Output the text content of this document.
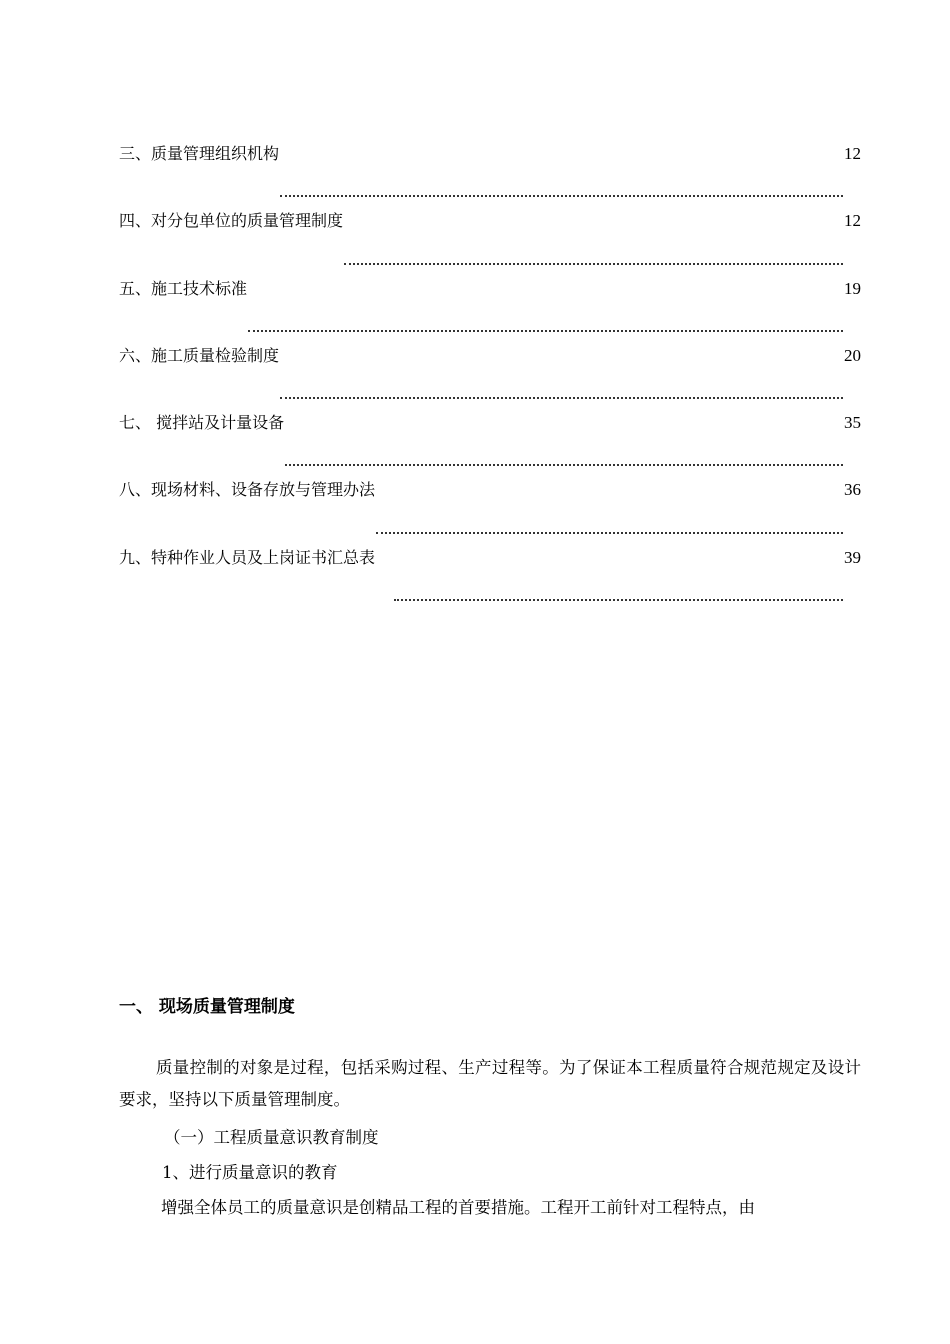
三、质量管理组织机构	12
四、对分包单位的质量管理制度	12
五、施工技术标准	19
六、施工质量检验制度	20
七、 搅拌站及计量设备	35
八、现场材料、设备存放与管理办法	36
九、特种作业人员及上岗证书汇总表	39
一、 现场质量管理制度
质量控制的对象是过程，包括采购过程、生产过程等。为了保证本工程质量符合规范规定及设计要求，坚持以下质量管理制度。
（一）工程质量意识教育制度
1、进行质量意识的教育
增强全体员工的质量意识是创精品工程的首要措施。工程开工前针对工程特点，由
